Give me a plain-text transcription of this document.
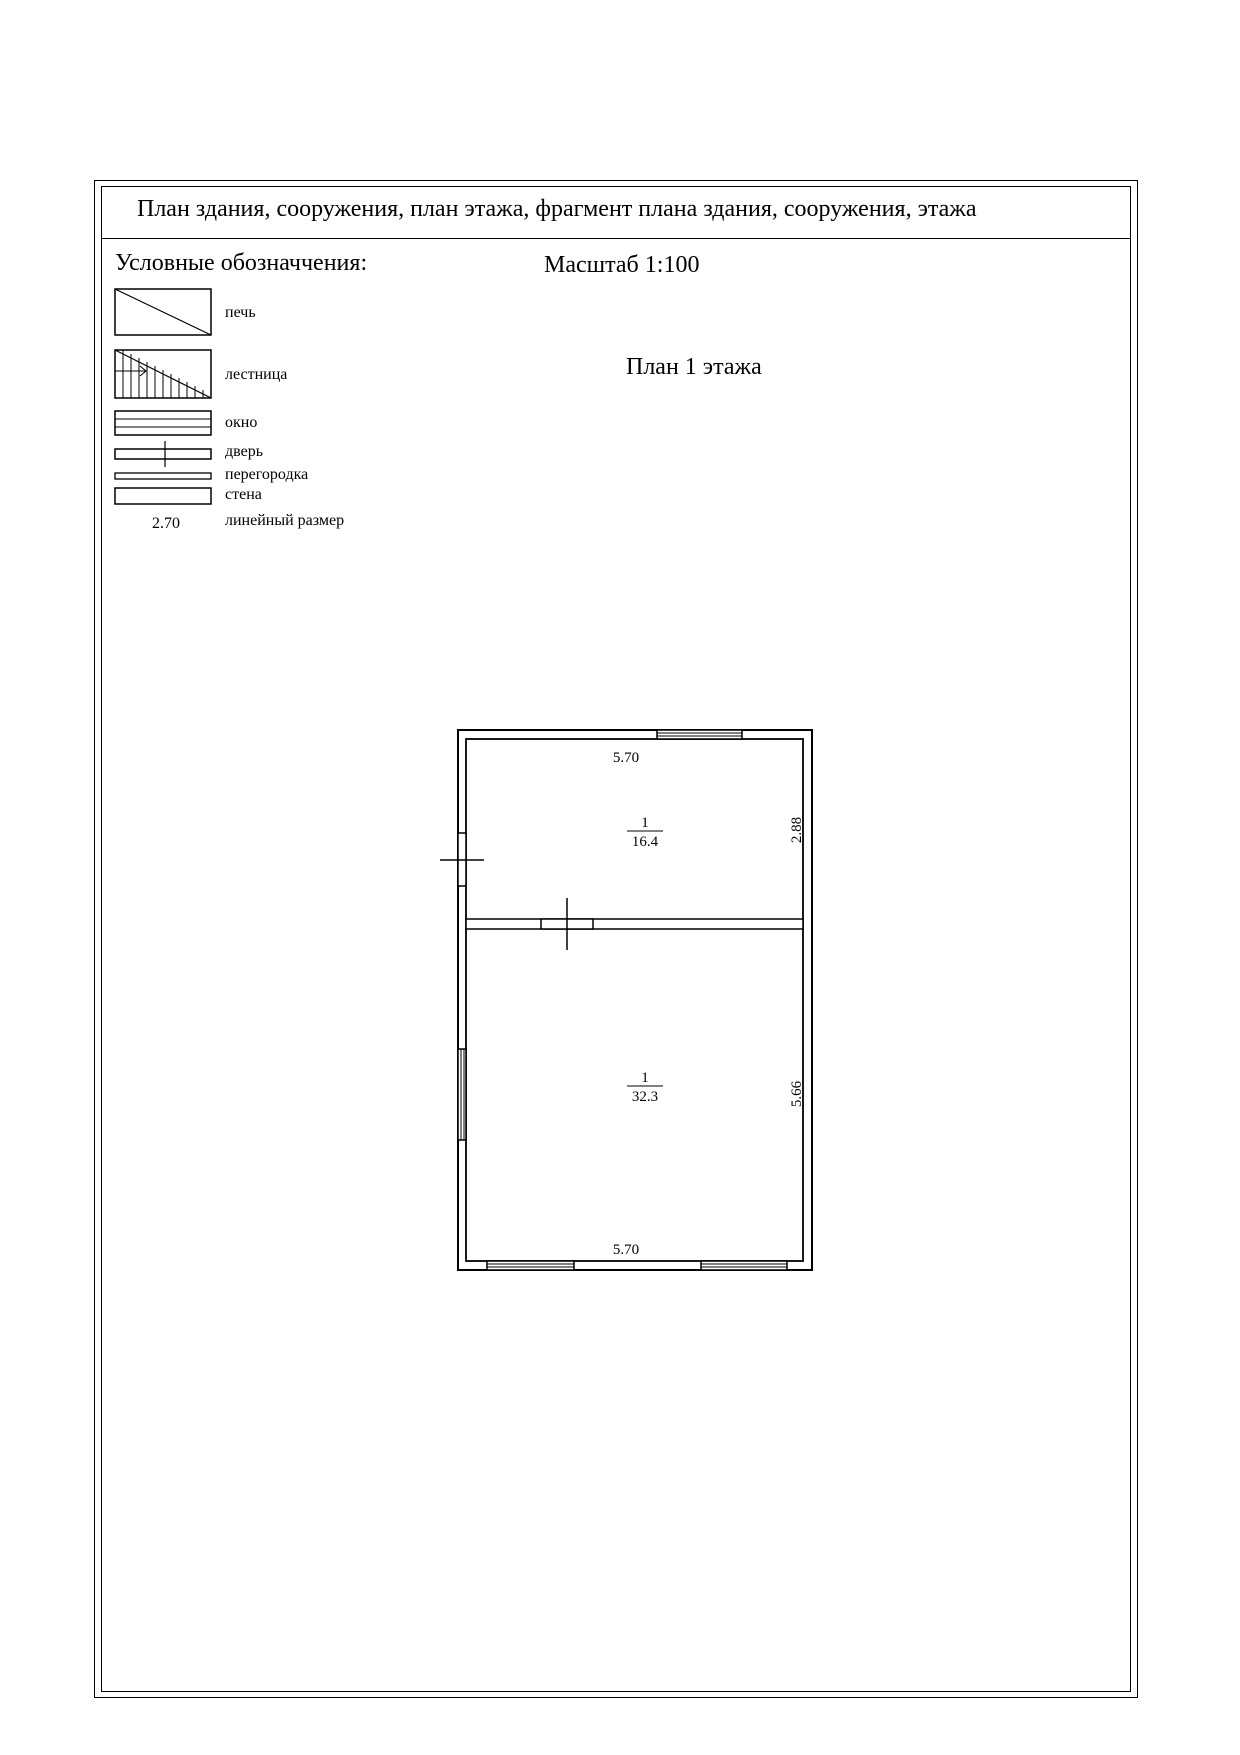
План здания, сооружения, план этажа, фрагмент плана здания, сооружения, этажа
Условные обозначчения:	Масштаб 1:100
План 1 этажа
печь
лестница
окно
дверь
перегородка
стена
2.70	линейный размер
5.70
5.70
2.88
5.66
1
16.4
1
32.3
